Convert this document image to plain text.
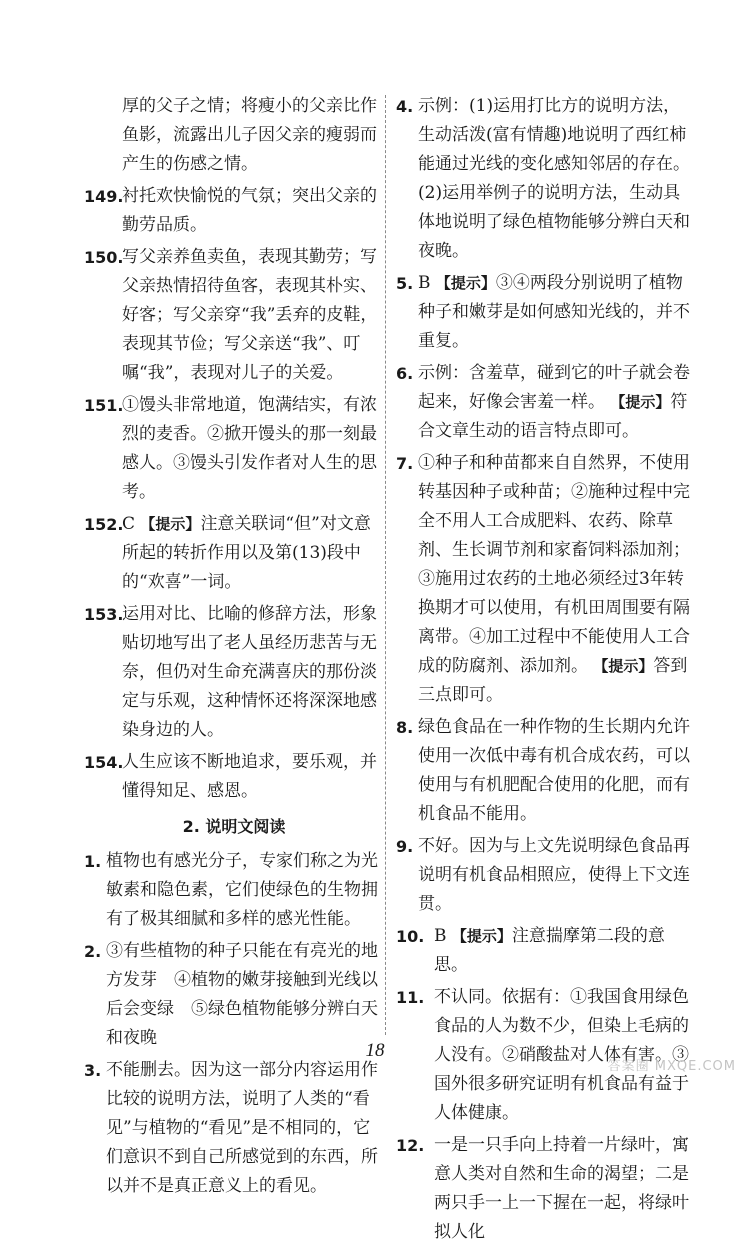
厚的父子之情；将瘦小的父亲比作鱼影，流露出儿子因父亲的瘦弱而产生的伤感之情。
149.
衬托欢快愉悦的气氛；突出父亲的勤劳品质。
150.
写父亲养鱼卖鱼，表现其勤劳；写父亲热情招待鱼客，表现其朴实、好客；写父亲穿“我”丢弃的皮鞋，表现其节俭；写父亲送“我”、叮嘱“我”，表现对儿子的关爱。
151.
①馒头非常地道，饱满结实，有浓烈的麦香。②掀开馒头的那一刻最感人。③馒头引发作者对人生的思考。
152.
C 【提示】注意关联词“但”对文意所起的转折作用以及第(13)段中的“欢喜”一词。
153.
运用对比、比喻的修辞方法，形象贴切地写出了老人虽经历悲苦与无奈，但仍对生命充满喜庆的那份淡定与乐观，这种情怀还将深深地感染身边的人。
154.
人生应该不断地追求，要乐观，并懂得知足、感恩。
2. 说明文阅读
1. 植物也有感光分子，专家们称之为光敏素和隐色素，它们使绿色的生物拥有了极其细腻和多样的感光性能。
2. ③有些植物的种子只能在有亮光的地方发芽　④植物的嫩芽接触到光线以后会变绿　⑤绿色植物能够分辨白天和夜晚
3. 不能删去。因为这一部分内容运用作比较的说明方法，说明了人类的“看见”与植物的“看见”是不相同的，它们意识不到自己所感觉到的东西，所以并不是真正意义上的看见。
4. 示例：(1)运用打比方的说明方法，生动活泼(富有情趣)地说明了西红柿能通过光线的变化感知邻居的存在。
(2)运用举例子的说明方法，生动具体地说明了绿色植物能够分辨白天和夜晚。
5. B 【提示】③④两段分别说明了植物种子和嫩芽是如何感知光线的，并不重复。
6. 示例：含羞草，碰到它的叶子就会卷起来，好像会害羞一样。 【提示】符合文章生动的语言特点即可。
7. ①种子和种苗都来自自然界，不使用转基因种子或种苗；②施种过程中完全不用人工合成肥料、农药、除草剂、生长调节剂和家畜饲料添加剂；③施用过农药的土地必须经过3年转换期才可以使用，有机田周围要有隔离带。④加工过程中不能使用人工合成的防腐剂、添加剂。 【提示】答到三点即可。
8. 绿色食品在一种作物的生长期内允许使用一次低中毒有机合成农药，可以使用与有机肥配合使用的化肥，而有机食品不能用。
9. 不好。因为与上文先说明绿色食品再说明有机食品相照应，使得上下文连贯。
10. B 【提示】注意揣摩第二段的意思。
11. 不认同。依据有：①我国食用绿色食品的人为数不少，但染上毛病的人没有。②硝酸盐对人体有害。③国外很多研究证明有机食品有益于人体健康。
12. 一是一只手向上持着一片绿叶，寓意人类对自然和生命的渴望；二是两只手一上一下握在一起，将绿叶拟人化
18
答案圈 MXQE.COM
